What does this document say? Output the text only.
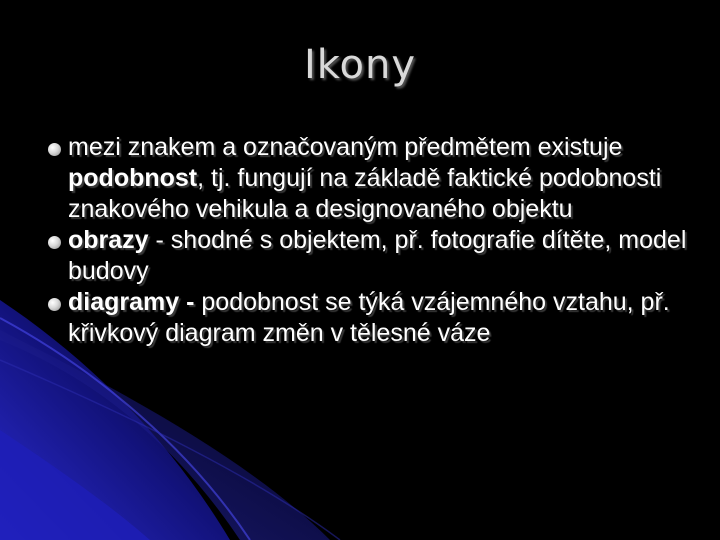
Ikony
mezi znakem a označovaným předmětem existuje podobnost, tj. fungují na základě faktické podobnosti znakového vehikula a designovaného objektu
obrazy - shodné s objektem, př. fotografie dítěte, model budovy
diagramy - podobnost se týká vzájemného vztahu, př. křivkový diagram změn v tělesné váze
